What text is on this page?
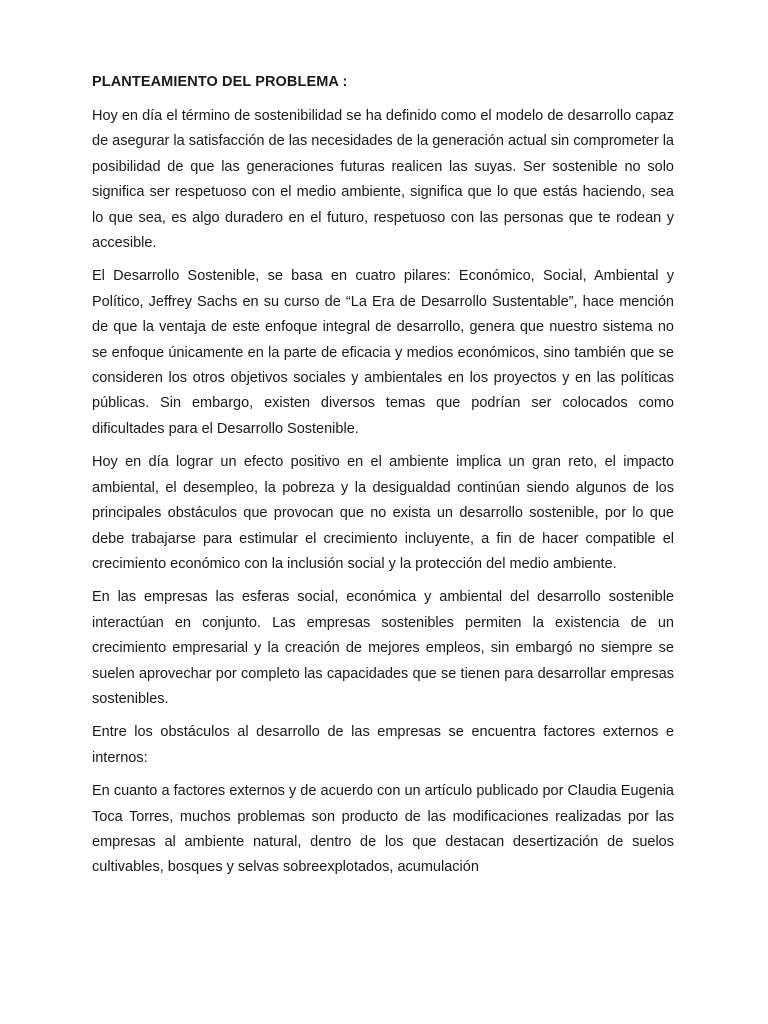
PLANTEAMIENTO DEL PROBLEMA :

Hoy en día el término de sostenibilidad se ha definido como el modelo de desarrollo capaz de asegurar la satisfacción de las necesidades de la generación actual sin comprometer la posibilidad de que las generaciones futuras realicen las suyas. Ser sostenible no solo significa ser respetuoso con el medio ambiente, significa que lo que estás haciendo, sea lo que sea, es algo duradero en el futuro, respetuoso con las personas que te rodean y accesible.

El Desarrollo Sostenible, se basa en cuatro pilares: Económico, Social, Ambiental y Político, Jeffrey Sachs en su curso de “La Era de Desarrollo Sustentable”, hace mención de que la ventaja de este enfoque integral de desarrollo, genera que nuestro sistema no se enfoque únicamente en la parte de eficacia y medios económicos, sino también que se consideren los otros objetivos sociales y ambientales en los proyectos y en las políticas públicas. Sin embargo, existen diversos temas que podrían ser colocados como dificultades para el Desarrollo Sostenible.

Hoy en día lograr un efecto positivo en el ambiente implica un gran reto, el impacto ambiental, el desempleo, la pobreza y la desigualdad continúan siendo algunos de los principales obstáculos que provocan que no exista un desarrollo sostenible, por lo que debe trabajarse para estimular el crecimiento incluyente, a fin de hacer compatible el crecimiento económico con la inclusión social y la protección del medio ambiente.

En las empresas las esferas social, económica y ambiental del desarrollo sostenible interactúan en conjunto. Las empresas sostenibles permiten la existencia de un crecimiento empresarial y la creación de mejores empleos, sin embargó no siempre se suelen aprovechar por completo las capacidades que se tienen para desarrollar empresas sostenibles.

Entre los obstáculos al desarrollo de las empresas se encuentra factores externos e internos:

En cuanto a factores externos y de acuerdo con un artículo publicado por Claudia Eugenia Toca Torres, muchos problemas son producto de las modificaciones realizadas por las empresas al ambiente natural, dentro de los que destacan desertización de suelos cultivables, bosques y selvas sobreexplotados, acumulación
